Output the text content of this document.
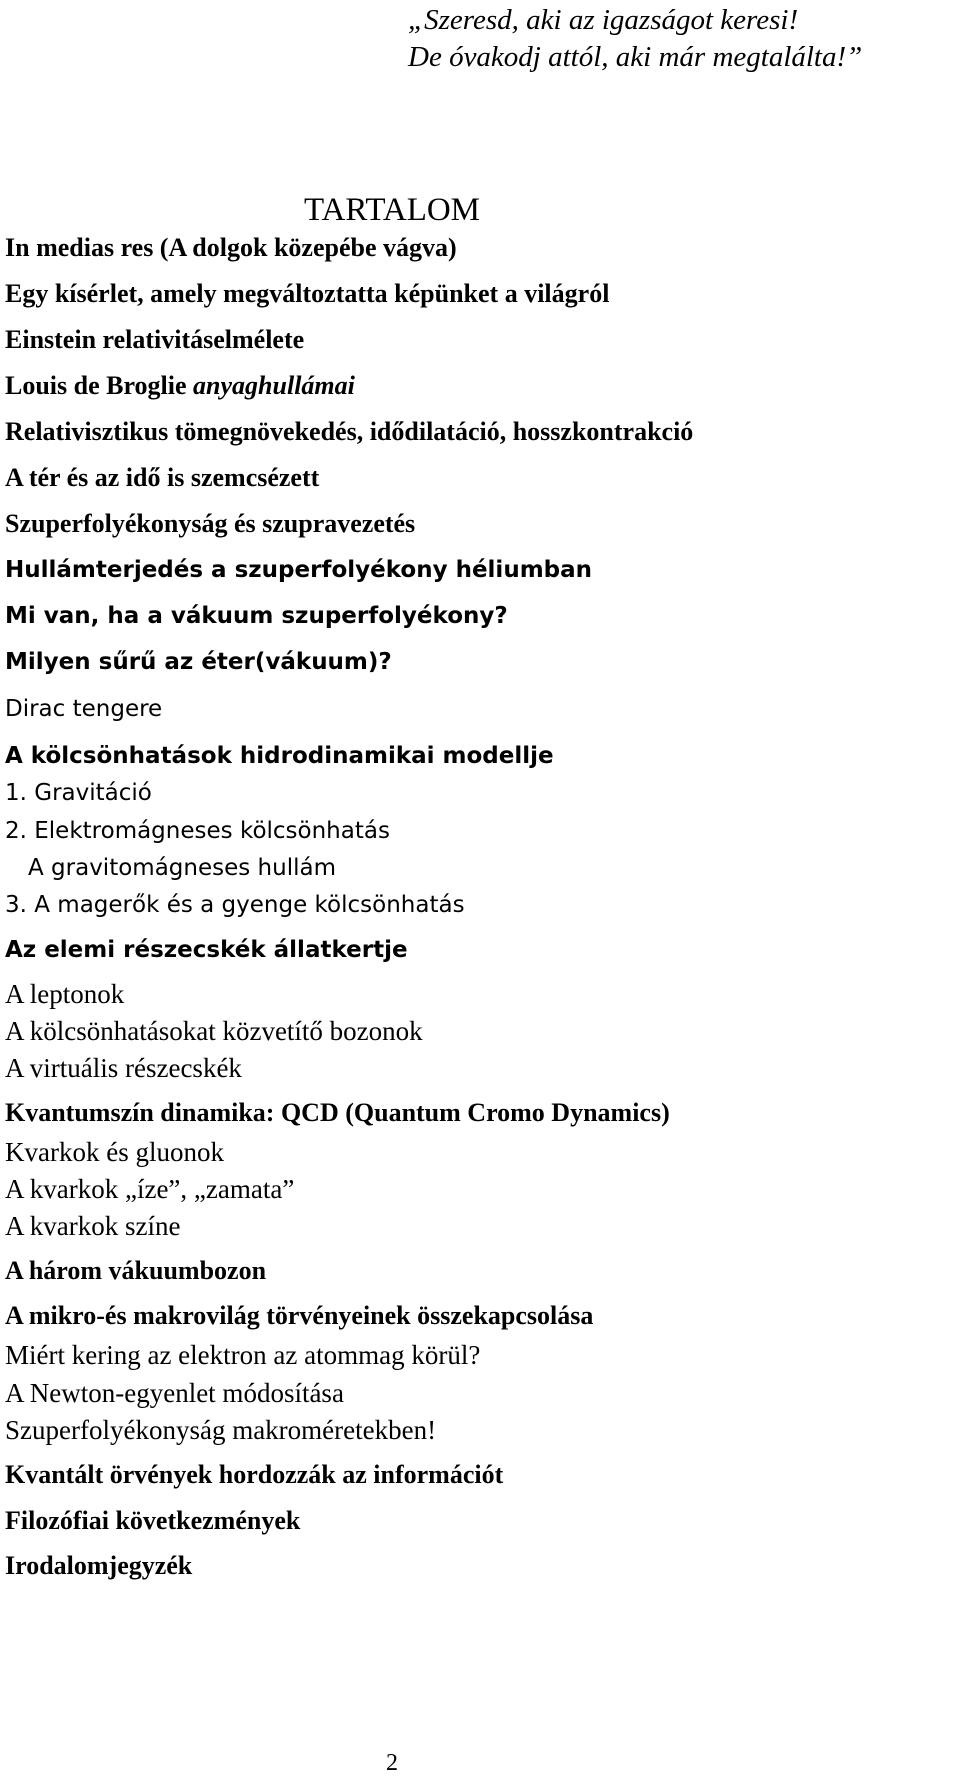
„Szeresd, aki az igazságot keresi!
De óvakodj attól, aki már megtalálta!”
TARTALOM
In medias res (A dolgok közepébe vágva)
Egy kísérlet, amely megváltoztatta képünket a világról
Einstein relativitáselmélete
Louis de Broglie anyaghullámai
Relativisztikus tömegnövekedés, idődilatáció, hosszkontrakció
A tér és az idő is szemcsézett
Szuperfolyékonyság és szupravezetés
Hullámterjedés a szuperfolyékony héliumban
Mi van, ha a vákuum szuperfolyékony?
Milyen sűrű az éter(vákuum)?
Dirac tengere
A kölcsönhatások hidrodinamikai modellje
1. Gravitáció
2. Elektromágneses kölcsönhatás
A gravitomágneses hullám
3. A magerők és a gyenge kölcsönhatás
Az elemi részecskék állatkertje
A leptonok
A kölcsönhatásokat közvetítő bozonok
A virtuális részecskék
Kvantumszín dinamika: QCD (Quantum Cromo Dynamics)
Kvarkok és gluonok
A kvarkok „íze”, „zamata”
A kvarkok színe
A három vákuumbozon
A mikro-és makrovilág törvényeinek összekapcsolása
Miért kering az elektron az atommag körül?
A Newton-egyenlet módosítása
Szuperfolyékonyság makroméretekben!
Kvantált örvények hordozzák az információt
Filozófiai következmények
Irodalomjegyzék
2
